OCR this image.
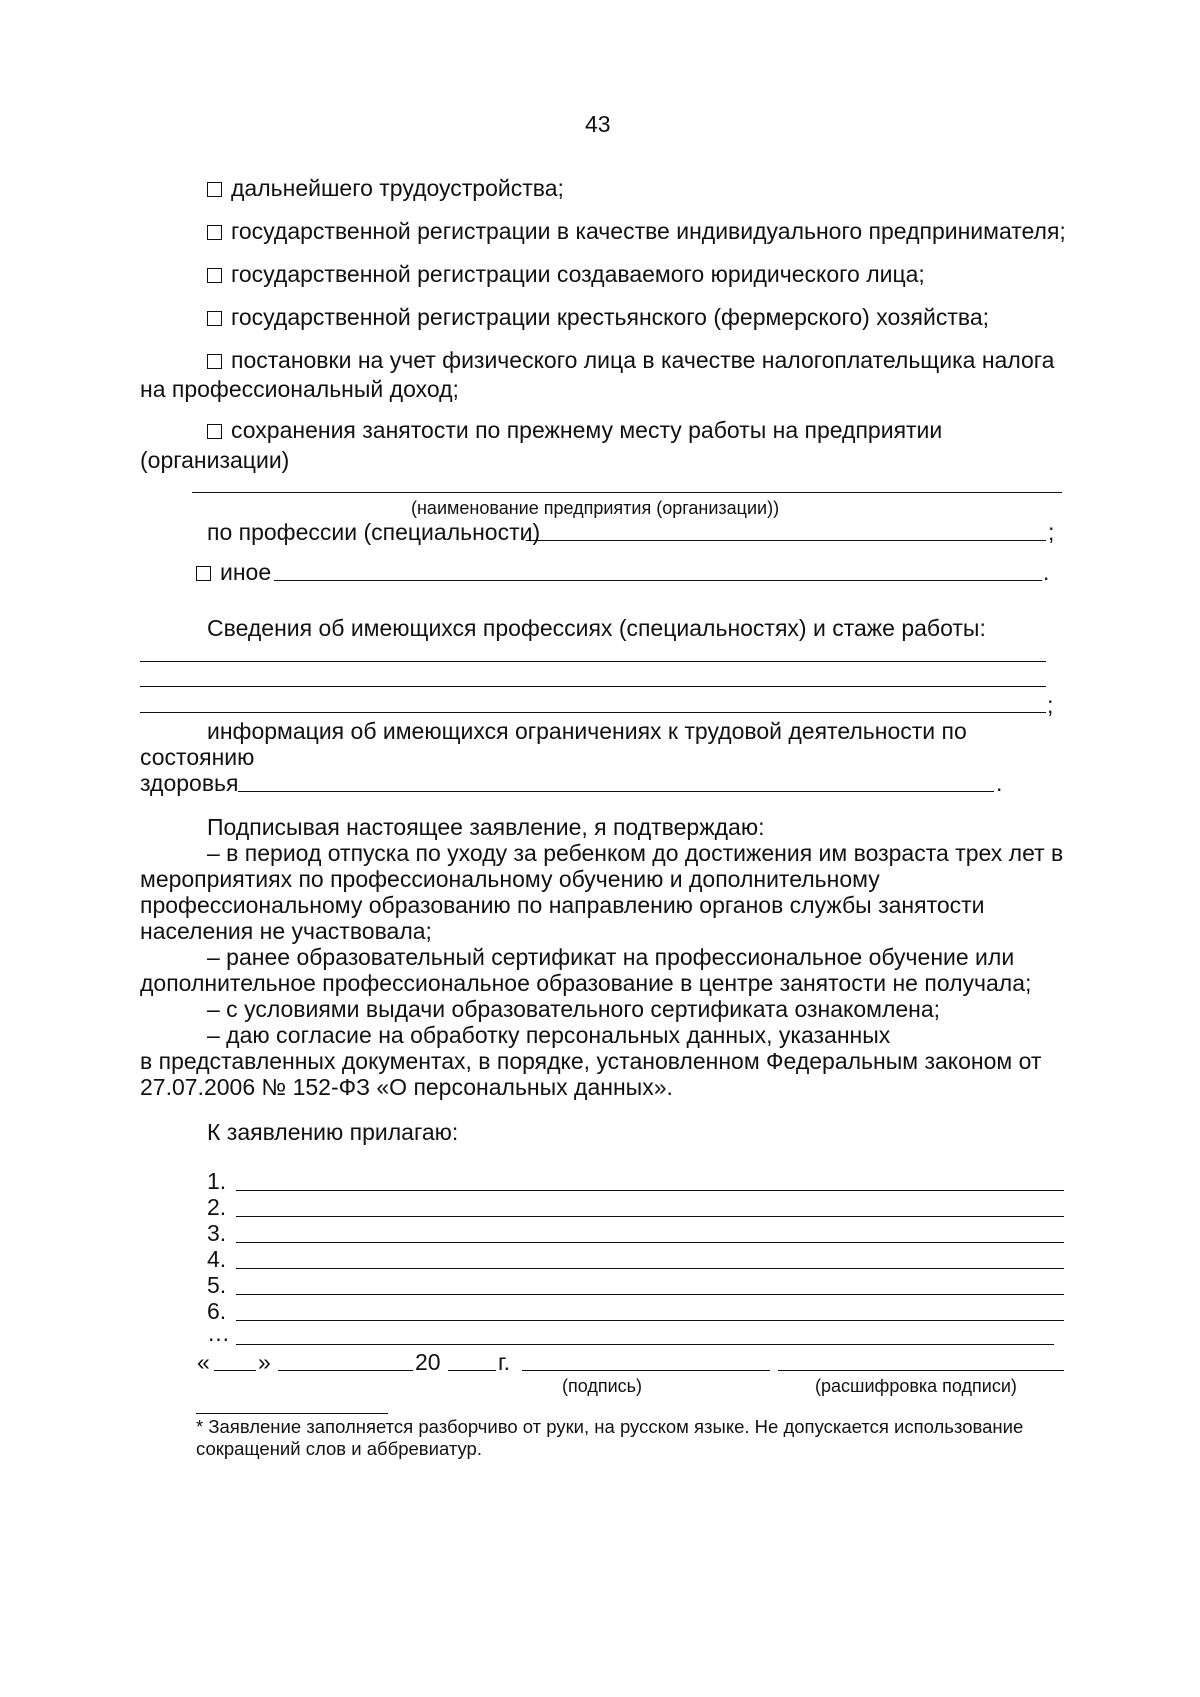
43
дальнейшего трудоустройства;
государственной регистрации в качестве индивидуального предпринимателя;
государственной регистрации создаваемого юридического лица;
государственной регистрации крестьянского (фермерского) хозяйства;
постановки на учет физического лица в качестве налогоплательщика налога
на профессиональный доход;
сохранения занятости по прежнему месту работы на предприятии
(организации)
(наименование предприятия (организации))
по профессии (специальности)	;
иное	.
Сведения об имеющихся профессиях (специальностях) и стаже работы:
;
информация об имеющихся ограничениях к трудовой деятельности по
состоянию
здоровья	.
Подписывая настоящее заявление, я подтверждаю:
– в период отпуска по уходу за ребенком до достижения им возраста трех лет в
мероприятиях по профессиональному обучению и дополнительному
профессиональному образованию по направлению органов службы занятости
населения не участвовала;
– ранее образовательный сертификат на профессиональное обучение или
дополнительное профессиональное образование в центре занятости не получала;
– с условиями выдачи образовательного сертификата ознакомлена;
– даю согласие на обработку персональных данных, указанных
в представленных документах, в порядке, установленном Федеральным законом от
27.07.2006 № 152-ФЗ «О персональных данных».
К заявлению прилагаю:
1.
2.
3.
4.
5.
6.
…
« »	20 г.
(подпись)	(расшифровка подписи)
* Заявление заполняется разборчиво от руки, на русском языке. Не допускается использование
сокращений слов и аббревиатур.
